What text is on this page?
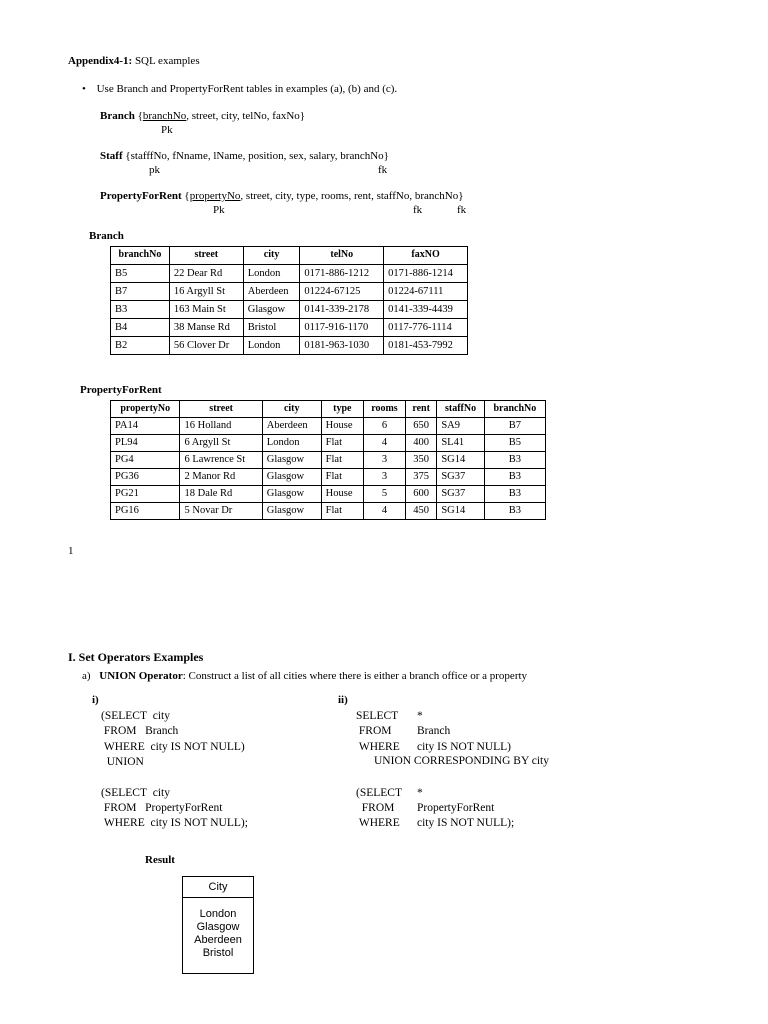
Appendix4-1: SQL examples
• Use Branch and PropertyForRent tables in examples (a), (b) and (c).
Branch {branchNo, street, city, telNo, faxNo}
Pk
Staff {stafffNo, fNname, lName, position, sex, salary, branchNo}
pk	fk
PropertyForRent {propertyNo, street, city, type, rooms, rent, staffNo, branchNo}
Pk	fk	fk
Branch
branchNo	street	city	telNo	faxNO
B5	22 Dear Rd	London	0171-886-1212	0171-886-1214
B7	16 Argyll St	Aberdeen	01224-67125	01224-67111
B3	163 Main St	Glasgow	0141-339-2178	0141-339-4439
B4	38 Manse Rd	Bristol	0117-916-1170	0117-776-1114
B2	56 Clover Dr	London	0181-963-1030	0181-453-7992
PropertyForRent
propertyNo	street	city	type	rooms	rent	staffNo	branchNo
PA14	16 Holland	Aberdeen	House	6	650	SA9	B7
PL94	6 Argyll St	London	Flat	4	400	SL41	B5
PG4	6 Lawrence St	Glasgow	Flat	3	350	SG14	B3
PG36	2 Manor Rd	Glasgow	Flat	3	375	SG37	B3
PG21	18 Dale Rd	Glasgow	House	5	600	SG37	B3
PG16	5 Novar Dr	Glasgow	Flat	4	450	SG14	B3
1
I. Set Operators Examples
a) UNION Operator: Construct a list of all cities where there is either a branch office or a property
i)
(SELECT  city
FROM   Branch
WHERE  city IS NOT NULL)
UNION
(SELECT  city
FROM   PropertyForRent
WHERE  city IS NOT NULL);
ii)
SELECT *
FROM Branch
WHERE city IS NOT NULL)
(SELECT *
FROM PropertyForRent
WHERE city IS NOT NULL);
UNION CORRESPONDING BY city
Result
City
London
Glasgow
Aberdeen
Bristol
